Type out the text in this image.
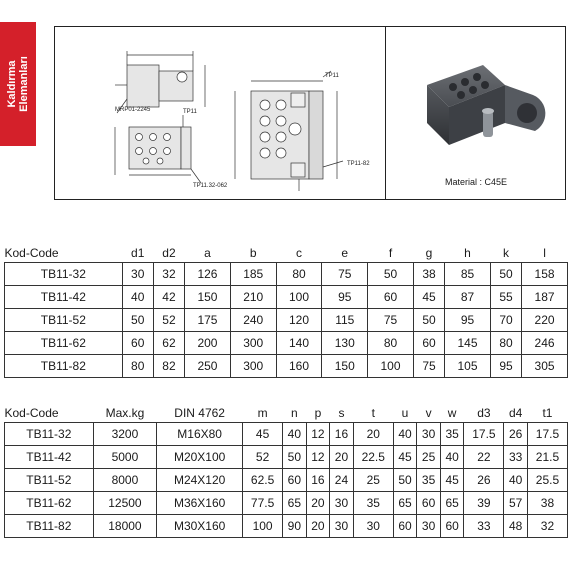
Kaldırma Elemanları	MRP01-2245	TP11
TP11.32-062
TP11
TP11-82
Material : C45E
Kod-Code	d1	d2	a	b	c	e	f	g	h	k	l
TB11-32	30	32	126	185	80	75	50	38	85	50	158
TB11-42	40	42	150	210	100	95	60	45	87	55	187
TB11-52	50	52	175	240	120	115	75	50	95	70	220
TB11-62	60	62	200	300	140	130	80	60	145	80	246
TB11-82	80	82	250	300	160	150	100	75	105	95	305
Kod-Code	Max.kg	DIN 4762	m	n	p	s	t	u	v	w	d3	d4	t1
TB11-32	3200	M16X80	45	40	12	16	20	40	30	35	17.5	26	17.5
TB11-42	5000	M20X100	52	50	12	20	22.5	45	25	40	22	33	21.5
TB11-52	8000	M24X120	62.5	60	16	24	25	50	35	45	26	40	25.5
TB11-62	12500	M36X160	77.5	65	20	30	35	65	60	65	39	57	38
TB11-82	18000	M30X160	100	90	20	30	30	60	30	60	33	48	32
